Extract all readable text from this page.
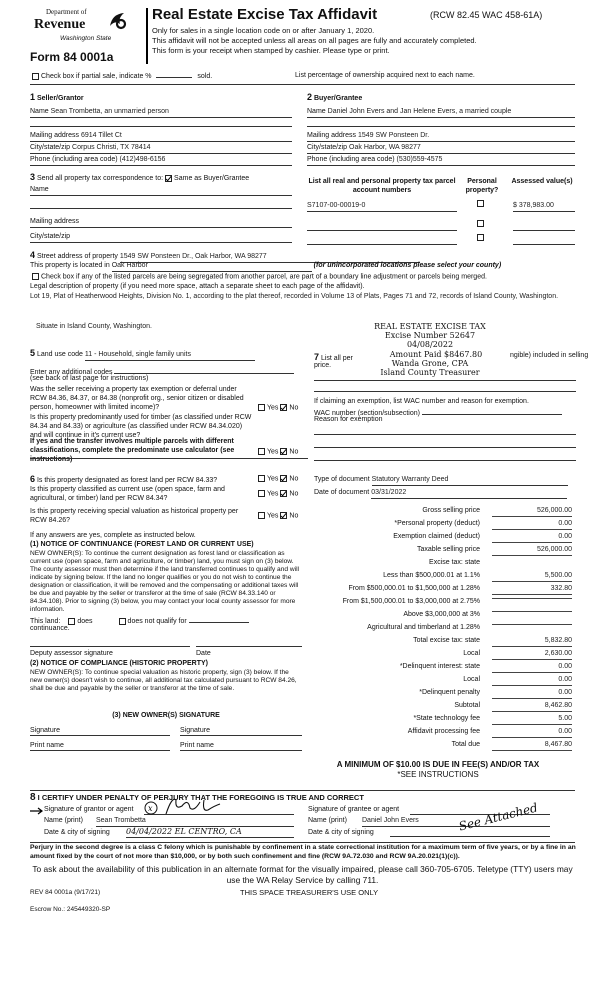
Department of
Revenue
Washington State
Form 84 0001a
Real Estate Excise Tax Affidavit	(RCW 82.45 WAC 458-61A)
Only for sales in a single location code on or after January 1, 2020.
This affidavit will not be accepted unless all areas on all pages are fully and accurately completed.
This form is your receipt when stamped by cashier. Please type or print.
Check box if partial sale, indicate %	sold.	List percentage of ownership acquired next to each name.
1 Seller/Grantor
Name Sean Trombetta, an unmarried person
Mailing address 6914 Tillet Ct
City/state/zip Corpus Christi, TX 78414
Phone (including area code) (412)498-6156
2 Buyer/Grantee
Name Daniel John Evers and Jan Helene Evers, a married couple
Mailing address 1549 SW Ponsteen Dr.
City/state/zip Oak Harbor, WA 98277
Phone (including area code) (530)559-4575
3 Send all property tax correspondence to: Same as Buyer/Grantee
Name
Mailing address
City/state/zip
List all real and personal property tax parcel account numbers
Personal property?
Assessed value(s)
S7107-00-00019-0	$ 378,983.00
4 Street address of property 1549 SW Ponsteen Dr., Oak Harbor, WA 98277
This property is located in Oak Harbor	(for unincorporated locations please select your county)
Check box if any of the listed parcels are being segregated from another parcel, are part of a boundary line adjustment or parcels being merged.
Legal description of property (if you need more space, attach a separate sheet to each page of the affidavit).
Lot 19, Plat of Heatherwood Heights, Division No. 1, according to the plat thereof, recorded in Volume 13 of Plats, Pages 71 and 72, records of Island County, Washington.
Situate in Island County, Washington.	REAL ESTATE EXCISE TAX
Excise Number 52647
04/08/2022
Amount Paid $8467.80
Wanda Grone, CPA
Island County Treasurer
5 Land use code 11 - Household, single family units
Enter any additional codes
(see back of last page for instructions)
Was the seller receiving a property tax exemption or deferral under RCW 84.36, 84.37, or 84.38 (nonprofit org., senior citizen or disabled person, homeowner with limited income)?	Yes No
Is this property predominantly used for timber (as classified under RCW 84.34 and 84.33) or agriculture (as classified under RCW 84.34.020) and will continue in it's current use?
If yes and the transfer involves multiple parcels with different classifications, complete the predominate use calculator (see instructions)
Yes No
7 List all per	ngible) included in selling
price.
If claiming an exemption, list WAC number and reason for exemption.
WAC number (section/subsection)
Reason for exemption
6 Is this property designated as forest land per RCW 84.33?	Yes No
Is this property classified as current use (open space, farm and agricultural, or timber) land per RCW 84.34?
Yes No
Is this property receiving special valuation as historical property per RCW 84.26?
Yes No
If any answers are yes, complete as instructed below.
(1) NOTICE OF CONTINUANCE (FOREST LAND OR CURRENT USE)
NEW OWNER(S): To continue the current designation as forest land or classification as current use (open space, farm and agriculture, or timber) land, you must sign on (3) below. The county assessor must then determine if the land transferred continues to qualify and will indicate by signing below. If the land no longer qualifies or you do not wish to continue the designation or classification, it will be removed and the compensating or additional taxes will be due and payable by the seller or transferor at the time of sale (RCW 84.33.140 or 84.34.108). Prior to signing (3) below, you may contact your local county assessor for more information.
This land: does	does not qualify for
continuance.
Deputy assessor signature	Date
(2) NOTICE OF COMPLIANCE (HISTORIC PROPERTY)
NEW OWNER(S): To continue special valuation as historic property, sign (3) below. If the new owner(s) doesn't wish to continue, all additional tax calculated pursuant to RCW 84.26, shall be due and payable by the seller or transferor at the time of sale.
(3) NEW OWNER(S) SIGNATURE
Signature	Signature
Print name	Print name
Type of document Statutory Warranty Deed
Date of document 03/31/2022
Gross selling price	526,000.00
*Personal property (deduct)	0.00
Exemption claimed (deduct)	0.00
Taxable selling price	526,000.00
Excise tax: state
Less than $500,000.01 at 1.1%	5,500.00
From $500,000.01 to $1,500,000 at 1.28%	332.80
From $1,500,000.01 to $3,000,000 at 2.75%
Above $3,000,000 at 3%
Agricultural and timberland at 1.28%
Total excise tax: state	5,832.80
Local	2,630.00
*Delinquent interest: state	0.00
Local	0.00
*Delinquent penalty	0.00
Subtotal	8,462.80
*State technology fee	5.00
Affidavit processing fee	0.00
Total due	8,467.80
A MINIMUM OF $10.00 IS DUE IN FEE(S) AND/OR TAX
*SEE INSTRUCTIONS
8 I CERTIFY UNDER PENALTY OF PERJURY THAT THE FOREGOING IS TRUE AND CORRECT
Signature of grantor or agent x
Name (print) Sean Trombetta
Date & city of signing 04/04/2022 EL CENTRO, CA
Signature of grantee or agent
Name (print) Daniel John Evers
Date & city of signing	See Attached
Perjury in the second degree is a class C felony which is punishable by confinement in a state correctional institution for a maximum term of five years, or by a fine in an amount fixed by the court of not more than $10,000, or by both such confinement and fine (RCW 9A.72.030 and RCW 9A.20.021(1)(c)).
To ask about the availability of this publication in an alternate format for the visually impaired, please call 360-705-6705. Teletype (TTY) users may use the WA Relay Service by calling 711.
REV 84 0001a (9/17/21)	THIS SPACE TREASURER'S USE ONLY
Escrow No.: 245449320-SP
